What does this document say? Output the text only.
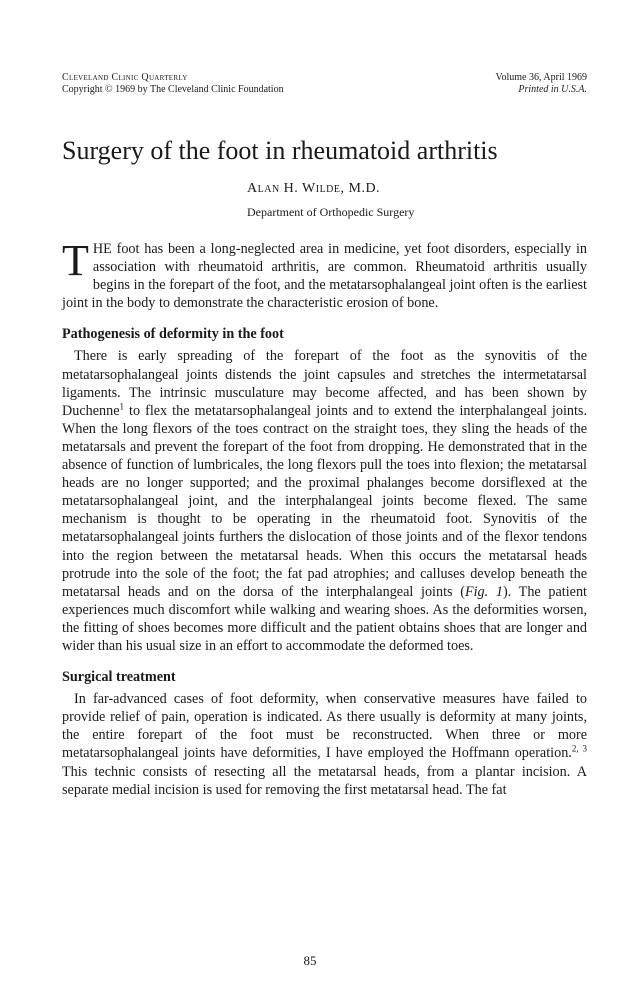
Cleveland Clinic Quarterly
Copyright © 1969 by The Cleveland Clinic Foundation
Volume 36, April 1969
Printed in U.S.A.
Surgery of the foot in rheumatoid arthritis
Alan H. Wilde, M.D.
Department of Orthopedic Surgery

THE foot has been a long-neglected area in medicine, yet foot disorders, especially in association with rheumatoid arthritis, are common. Rheumatoid arthritis usually begins in the forepart of the foot, and the metatarsophalangeal joint often is the earliest joint in the body to demonstrate the characteristic erosion of bone.

Pathogenesis of deformity in the foot

There is early spreading of the forepart of the foot as the synovitis of the metatarsophalangeal joints distends the joint capsules and stretches the intermetatarsal ligaments. The intrinsic musculature may become affected, and has been shown by Duchenne$^1$ to flex the metatarsophalangeal joints and to extend the interphalangeal joints. When the long flexors of the toes contract on the straight toes, they sling the heads of the metatarsals and prevent the forepart of the foot from dropping. He demonstrated that in the absence of function of lumbricales, the long flexors pull the toes into flexion; the metatarsal heads are no longer supported; and the proximal phalanges become dorsiflexed at the metatarsophalangeal joint, and the interphalangeal joints become flexed. The same mechanism is thought to be operating in the rheumatoid foot. Synovitis of the metatarsophalangeal joints furthers the dislocation of those joints and of the flexor tendons into the region between the metatarsal heads. When this occurs the metatarsal heads protrude into the sole of the foot; the fat pad atrophies; and calluses develop beneath the metatarsal heads and on the dorsa of the interphalangeal joints (Fig. 1). The patient experiences much discomfort while walking and wearing shoes. As the deformities worsen, the fitting of shoes becomes more difficult and the patient obtains shoes that are longer and wider than his usual size in an effort to accommodate the deformed toes.

Surgical treatment

In far-advanced cases of foot deformity, when conservative measures have failed to provide relief of pain, operation is indicated. As there usually is deformity at many joints, the entire forepart of the foot must be reconstructed. When three or more metatarsophalangeal joints have deformities, I have employed the Hoffmann operation.$^{2, 3}$ This technic consists of resecting all the metatarsal heads, from a plantar incision. A separate medial incision is used for removing the first metatarsal head. The fat

85
